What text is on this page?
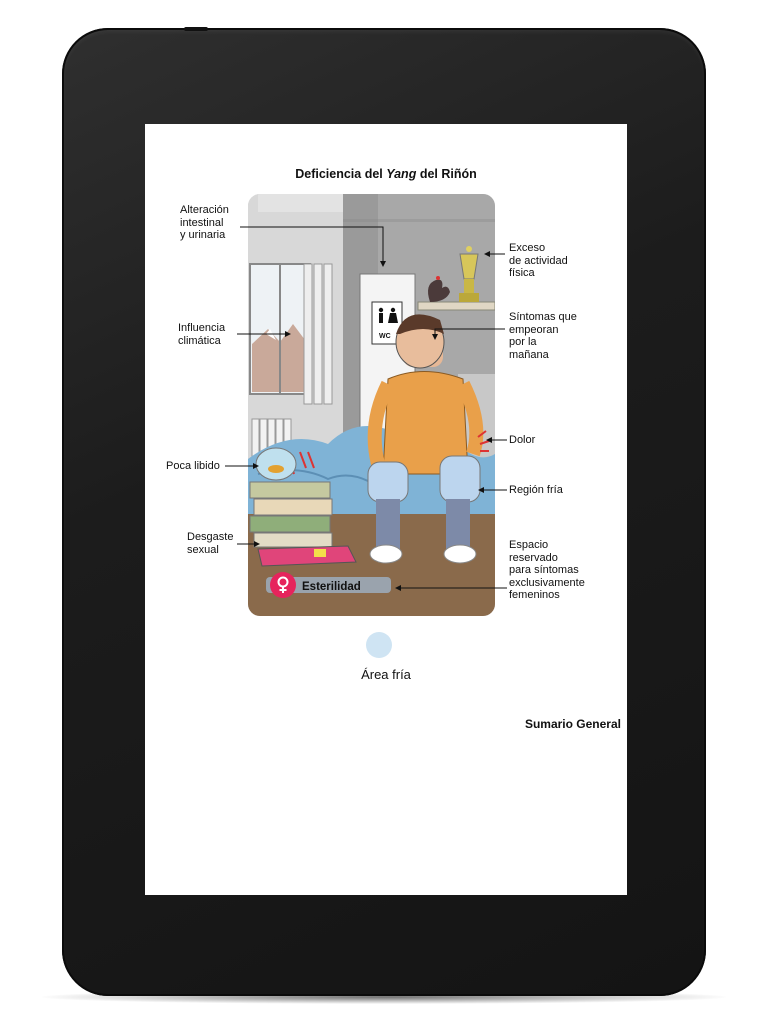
Deficiencia del Yang del Riñón
WC
Esterilidad
Alteración
intestinal
y urinaria
Influencia
climática
Poca libido
Desgaste
sexual
Exceso
de actividad
física
Síntomas que
empeoran
por la
mañana
Dolor
Región fría
Espacio
reservado
para síntomas
exclusivamente
femeninos
Área fría
Sumario General
